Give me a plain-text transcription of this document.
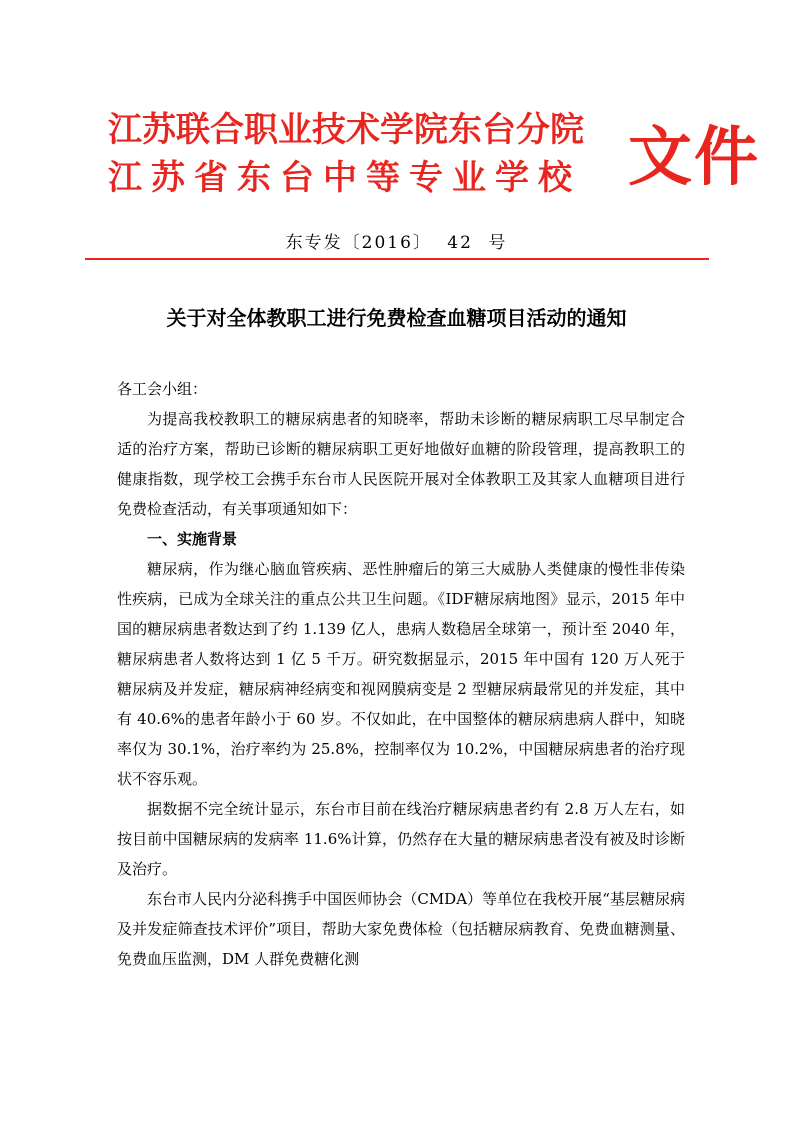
江苏联合职业技术学院东台分院
江苏省东台中等专业学校 文件
东专发〔2016〕 42 号
关于对全体教职工进行免费检查血糖项目活动的通知

各工会小组：

为提高我校教职工的糖尿病患者的知晓率，帮助未诊断的糖尿病职工尽早制定合适的治疗方案，帮助已诊断的糖尿病职工更好地做好血糖的阶段管理，提高教职工的健康指数，现学校工会携手东台市人民医院开展对全体教职工及其家人血糖项目进行免费检查活动，有关事项通知如下：

一、实施背景

糖尿病，作为继心脑血管疾病、恶性肿瘤后的第三大威胁人类健康的慢性非传染性疾病，已成为全球关注的重点公共卫生问题。《IDF糖尿病地图》显示，2015 年中国的糖尿病患者数达到了约 1.139 亿人，患病人数稳居全球第一，预计至 2040 年，糖尿病患者人数将达到 1 亿 5 千万。研究数据显示，2015 年中国有 120 万人死于糖尿病及并发症，糖尿病神经病变和视网膜病变是 2 型糖尿病最常见的并发症，其中有 40.6%的患者年龄小于 60 岁。不仅如此，在中国整体的糖尿病患病人群中，知晓率仅为 30.1%，治疗率约为 25.8%，控制率仅为 10.2%，中国糖尿病患者的治疗现状不容乐观。

据数据不完全统计显示，东台市目前在线治疗糖尿病患者约有 2.8 万人左右，如按目前中国糖尿病的发病率 11.6%计算，仍然存在大量的糖尿病患者没有被及时诊断及治疗。

东台市人民内分泌科携手中国医师协会（CMDA）等单位在我校开展“基层糖尿病及并发症筛查技术评价”项目，帮助大家免费体检（包括糖尿病教育、免费血糖测量、免费血压监测，DM 人群免费糖化测
